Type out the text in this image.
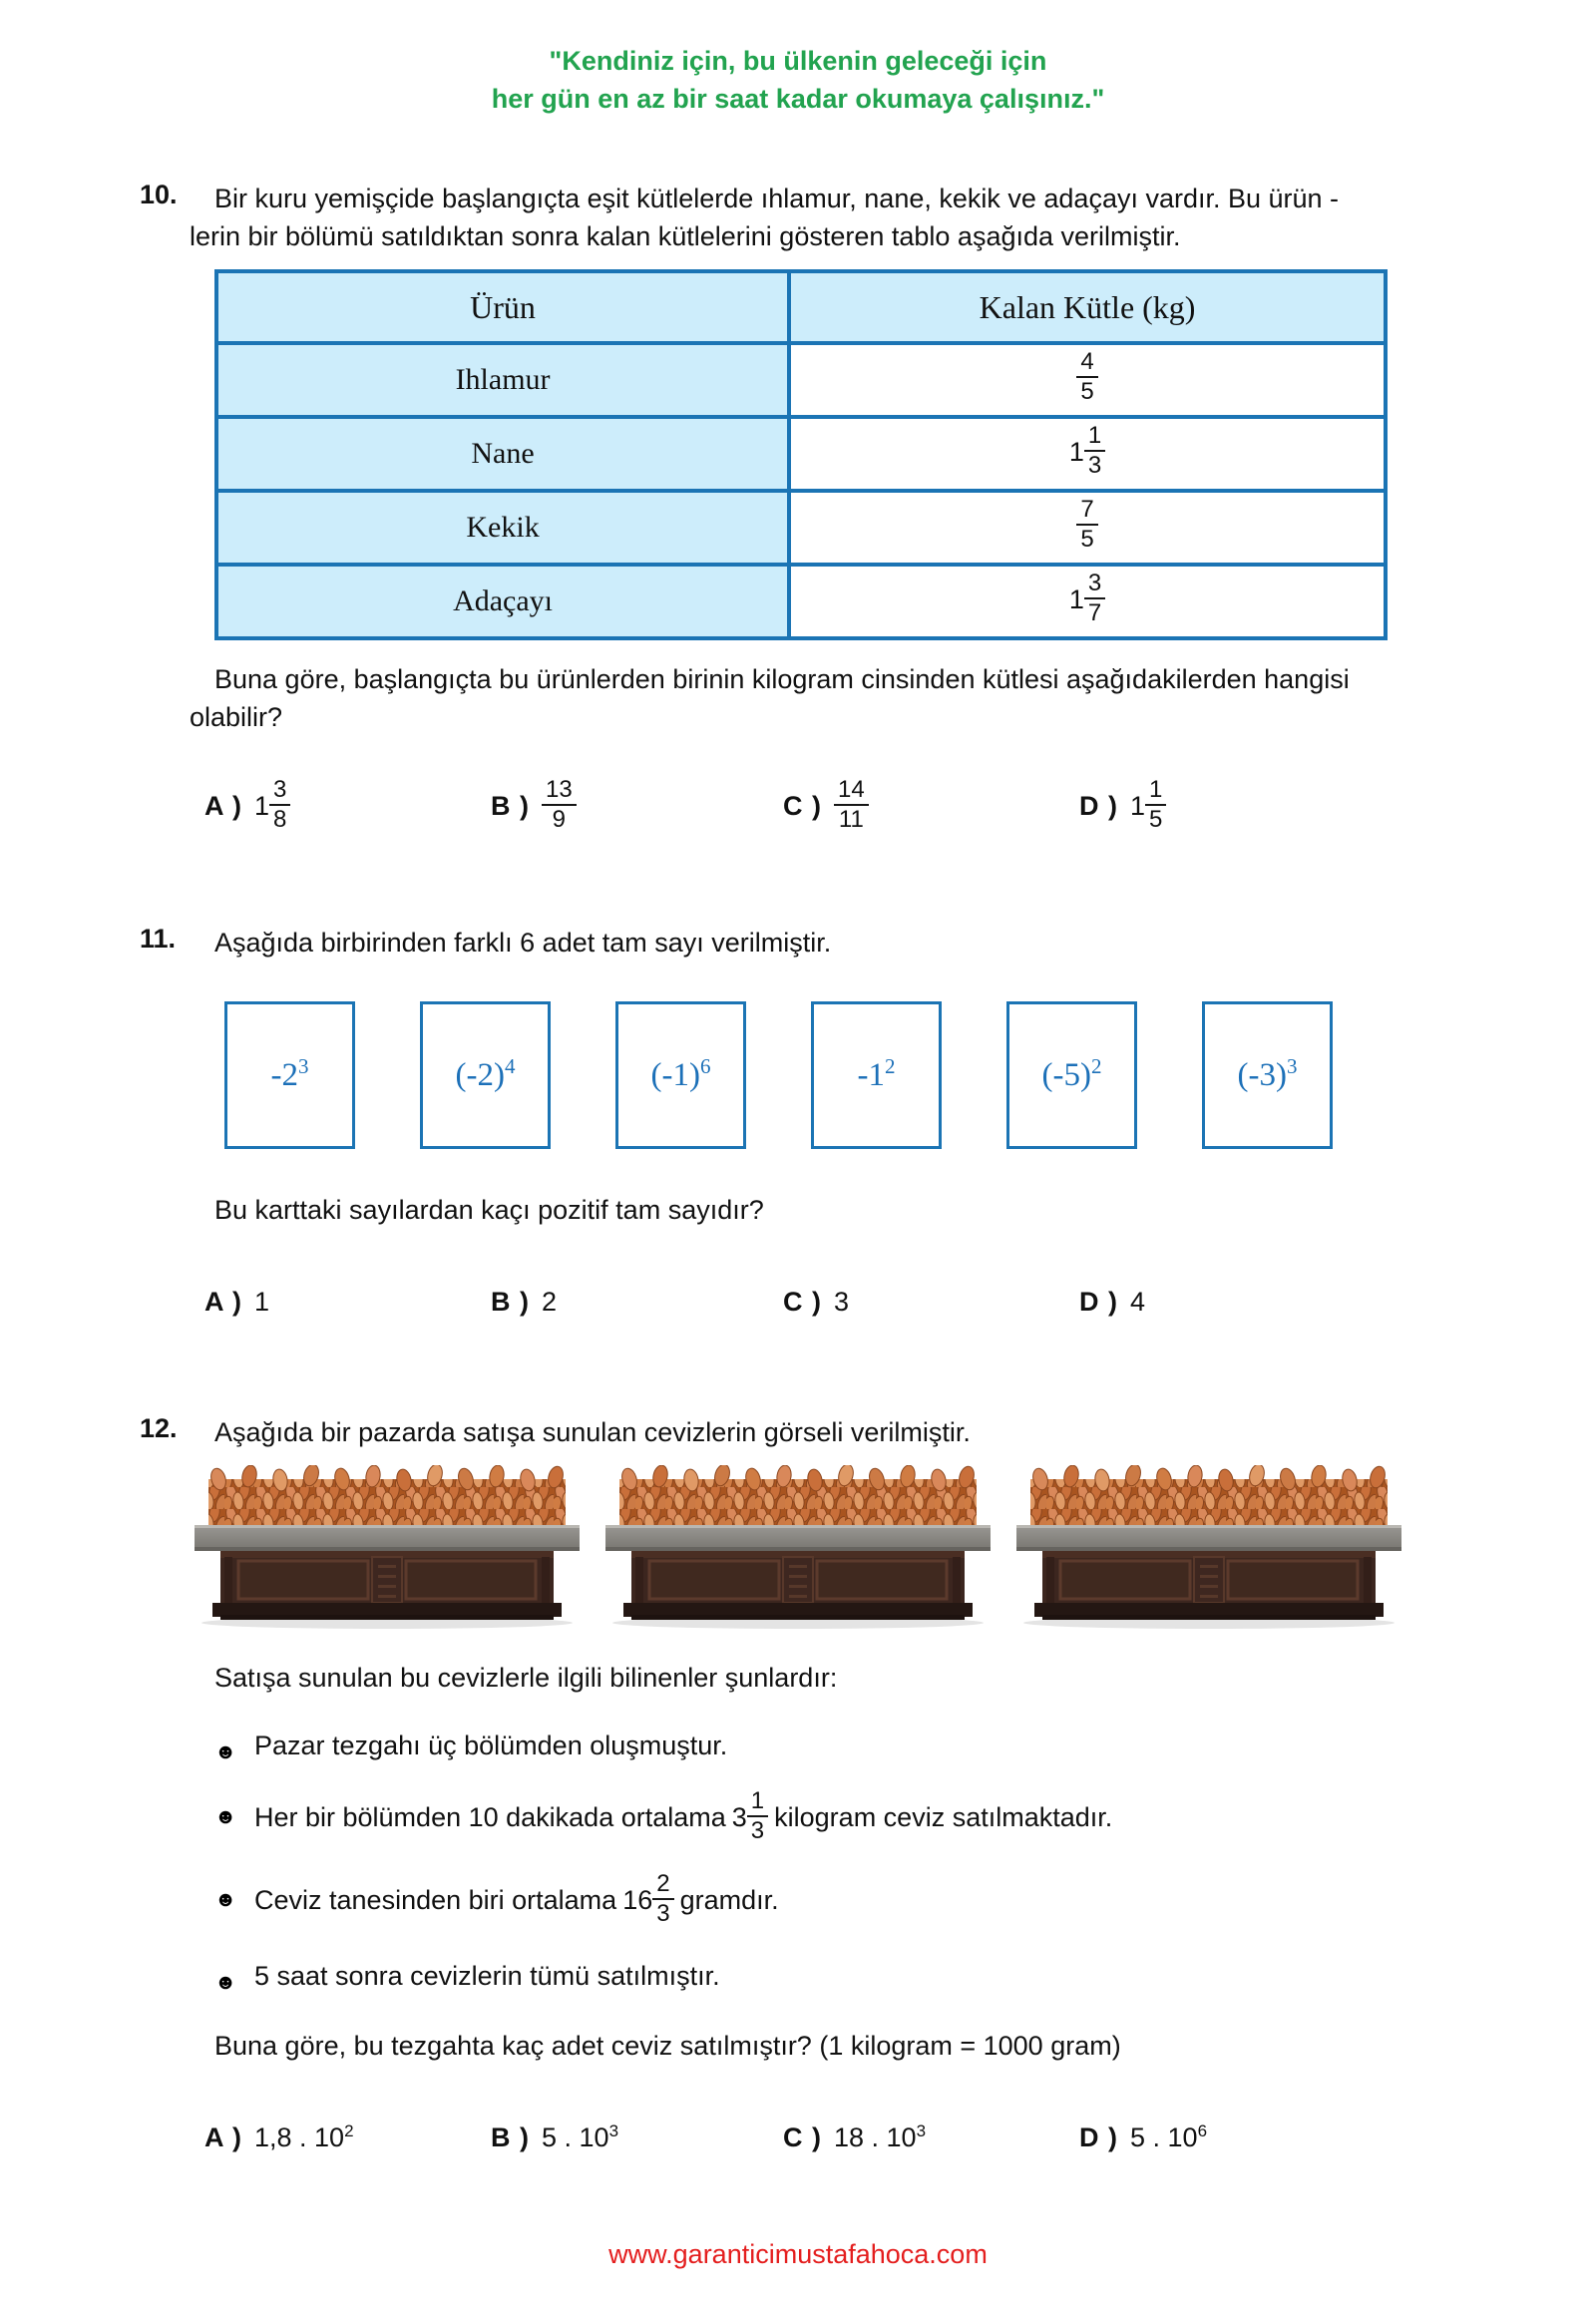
"Kendiniz için, bu ülkenin geleceği için
her gün en az bir saat kadar okumaya çalışınız."
10.	Bir kuru yemişçide başlangıçta eşit kütlelerde ıhlamur, nane, kekik ve adaçayı vardır. Bu ürün -
lerin bir bölümü satıldıktan sonra kalan kütlelerini gösteren tablo aşağıda verilmiştir.

Ürün	Kalan Kütle (kg)
Ihlamur	$\frac{4}{5}$

Nane	$1 \frac{1}{3}$

Kekik	$\frac{7}{5}$

Adaçayı	$1 \frac{3}{7}$

Buna göre, başlangıçta bu ürünlerden birinin kilogram cinsinden kütlesi aşağıdakilerden hangisi
olabilir?

A ) $1 \frac{3}{8}$	B ) $\frac{13}{9}$	C ) $\frac{14}{11}$	D ) $1 \frac{1}{5}$
11.	Aşağıda birbirinden farklı 6 adet tam sayı verilmiştir.

$-2^3$	$(-2)^4$	$(-1)^6$	$-1^2$	$(-5)^2$	$(-3)^3$

Bu karttaki sayılardan kaçı pozitif tam sayıdır?

A ) 1	B ) 2	C ) 3	D ) 4
12.	Aşağıda bir pazarda satışa sunulan cevizlerin görseli verilmiştir.

Satışa sunulan bu cevizlerle ilgili bilinenler şunlardır:

☻ Pazar tezgahı üç bölümden oluşmuştur.
☻ Her bir bölümden 10 dakikada ortalama $3 \frac{1}{3}$ kilogram ceviz satılmaktadır.
☻ Ceviz tanesinden biri ortalama $16 \frac{2}{3}$ gramdır.
☻ 5 saat sonra cevizlerin tümü satılmıştır.

Buna göre, bu tezgahta kaç adet ceviz satılmıştır? (1 kilogram = 1000 gram)

A ) 1,8 . $10^2$	B ) 5 . $10^3$	C ) 18 . $10^3$	D ) 5 . $10^6$
www.garanticimustafahoca.com
